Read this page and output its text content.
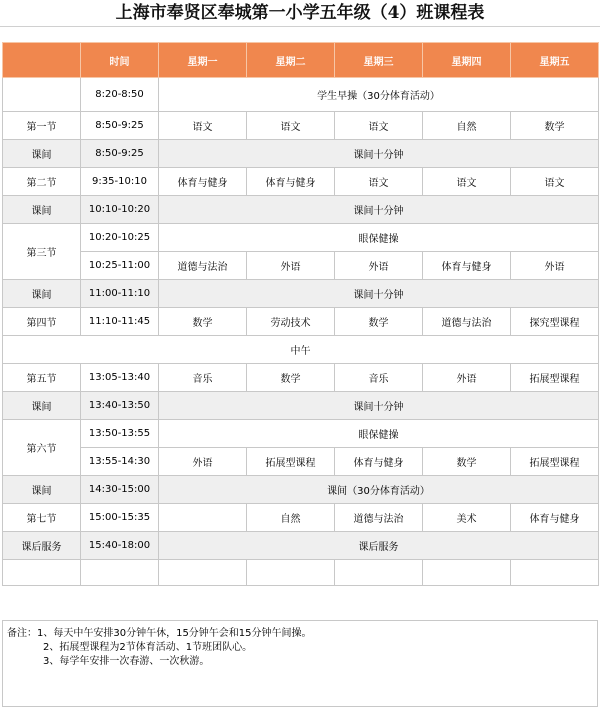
上海市奉贤区奉城第一小学五年级（4）班课程表
	时间	星期一	星期二	星期三	星期四	星期五
	8:20-8:50	学生早操（30分体育活动）				
第一节	8:50-9:25	语文	语文	语文	自然	数学
课间	8:50-9:25	课间十分钟				
第二节	9:35-10:10	体育与健身	体育与健身	语文	语文	语文
课间	10:10-10:20	课间十分钟				
第三节	10:20-10:25	眼保健操				
	10:25-11:00	道德与法治	外语	外语	体育与健身	外语
课间	11:00-11:10	课间十分钟				
第四节	11:10-11:45	数学	劳动技术	数学	道德与法治	探究型课程
中午						
第五节	13:05-13:40	音乐	数学	音乐	外语	拓展型课程
课间	13:40-13:50	课间十分钟				
第六节	13:50-13:55	眼保健操				
	13:55-14:30	外语	拓展型课程	体育与健身	数学	拓展型课程
课间	14:30-15:00	课间（30分体育活动）				
第七节	15:00-15:35		自然	道德与法治	美术	体育与健身
课后服务	15:40-18:00	课后服务				

备注：1、每天中午安排30分钟午休，15分钟午会和15分钟午间操。
2、拓展型课程为2节体育活动、1节班团队心。
3、每学年安排一次春游、一次秋游。
